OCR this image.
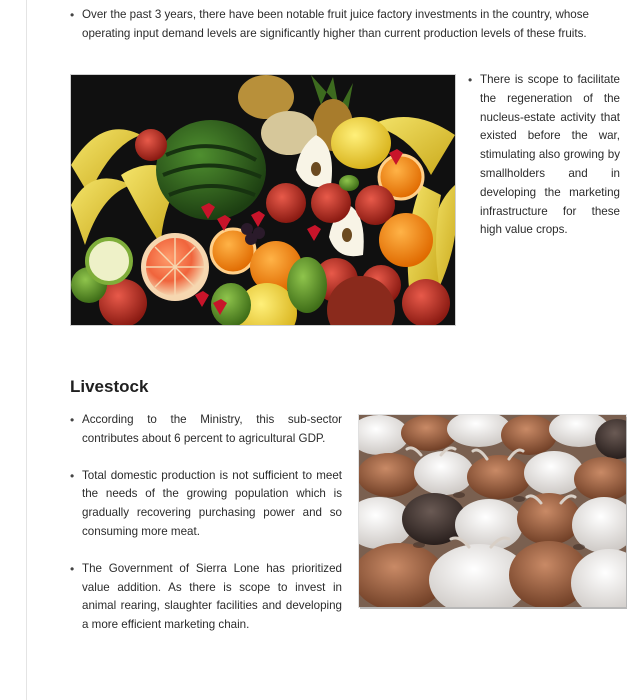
• Over the past 3 years, there have been notable fruit juice factory investments in the country, whose operating input demand levels are significantly higher than current production levels of these fruits.
• There is scope to facilitate the regeneration of the nucleus-estate activity that existed before the war, stimulating also growing by smallholders and in developing the marketing infrastructure for these high value crops.
Livestock
• According to the Ministry, this sub-sector contributes about 6 percent to agricultural GDP.
• Total domestic production is not sufficient to meet the needs of the growing population which is gradually recovering purchasing power and so consuming more meat.
• The Government of Sierra Lone has prioritized value addition. As there is scope to invest in animal rearing, slaughter facilities and developing a more efficient marketing chain.
